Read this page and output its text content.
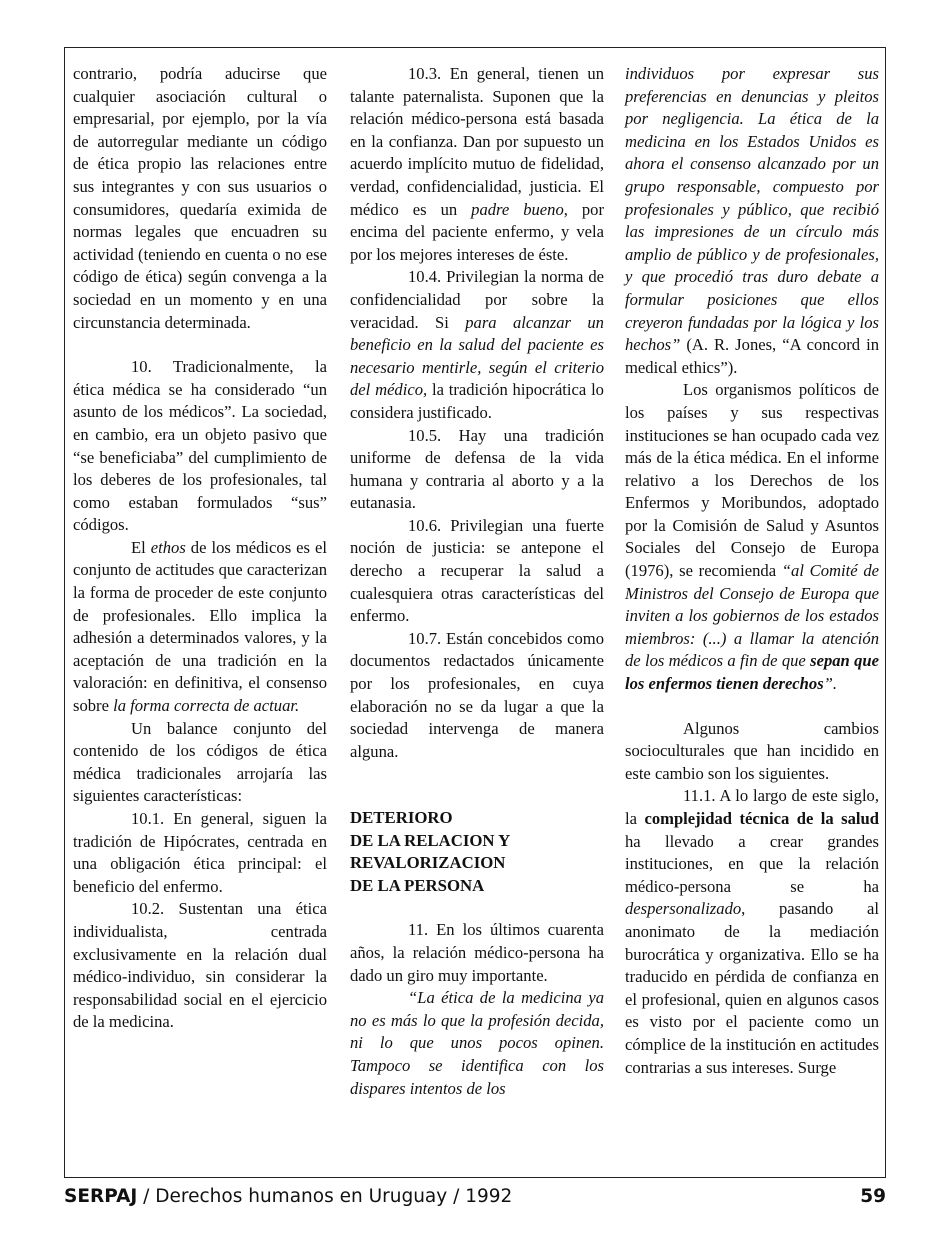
contrario, podría aducirse que cualquier asociación cultural o empresarial, por ejemplo, por la vía de autorregular mediante un código de ética propio las relaciones entre sus integrantes y con sus usuarios o consumidores, quedaría eximida de normas legales que encuadren su actividad (teniendo en cuenta o no ese código de ética) según convenga a la sociedad en un momento y en una circunstancia determinada.

10. Tradicionalmente, la ética médica se ha considerado “un asunto de los médicos”. La sociedad, en cambio, era un objeto pasivo que “se beneficiaba” del cumplimiento de los deberes de los profesionales, tal como estaban formulados “sus” códigos.

El ethos de los médicos es el conjunto de actitudes que caracterizan la forma de proceder de este conjunto de profesionales. Ello implica la adhesión a determinados valores, y la aceptación de una tradición en la valoración: en definitiva, el consenso sobre la forma correcta de actuar.

Un balance conjunto del contenido de los códigos de ética médica tradicionales arrojaría las siguientes características:

10.1. En general, siguen la tradición de Hipócrates, centrada en una obligación ética principal: el beneficio del enfermo.

10.2. Sustentan una ética individualista, centrada exclusivamente en la relación dual médico-individuo, sin considerar la responsabilidad social en el ejercicio de la medicina.

10.3. En general, tienen un talante paternalista. Suponen que la relación médico-persona está basada en la confianza. Dan por supuesto un acuerdo implícito mutuo de fidelidad, verdad, confidencialidad, justicia. El médico es un padre bueno, por encima del paciente enfermo, y vela por los mejores intereses de éste.

10.4. Privilegian la norma de confidencialidad por sobre la veracidad. Si para alcanzar un beneficio en la salud del paciente es necesario mentirle, según el criterio del médico, la tradición hipocrática lo considera justificado.

10.5. Hay una tradición uniforme de defensa de la vida humana y contraria al aborto y a la eutanasia.

10.6. Privilegian una fuerte noción de justicia: se antepone el derecho a recuperar la salud a cualesquiera otras características del enfermo.

10.7. Están concebidos como documentos redactados únicamente por los profesionales, en cuya elaboración no se da lugar a que la sociedad intervenga de manera alguna.

DETERIORO
DE LA RELACION Y
REVALORIZACION
DE LA PERSONA

11. En los últimos cuarenta años, la relación médico-persona ha dado un giro muy importante.

“La ética de la medicina ya no es más lo que la profesión decida, ni lo que unos pocos opinen. Tampoco se identifica con los dispares intentos de los

individuos por expresar sus preferencias en denuncias y pleitos por negligencia. La ética de la medicina en los Estados Unidos es ahora el consenso alcanzado por un grupo responsable, compuesto por profesionales y público, que recibió las impresiones de un círculo más amplio de público y de profesionales, y que procedió tras duro debate a formular posiciones que ellos creyeron fundadas por la lógica y los hechos” (A. R. Jones, “A concord in medical ethics”).

Los organismos políticos de los países y sus respectivas instituciones se han ocupado cada vez más de la ética médica. En el informe relativo a los Derechos de los Enfermos y Moribundos, adoptado por la Comisión de Salud y Asuntos Sociales del Consejo de Europa (1976), se recomienda “al Comité de Ministros del Consejo de Europa que inviten a los gobiernos de los estados miembros: (...) a llamar la atención de los médicos a fin de que sepan que los enfermos tienen derechos”.

Algunos cambios socioculturales que han incidido en este cambio son los siguientes.

11.1. A lo largo de este siglo, la complejidad técnica de la salud ha llevado a crear grandes instituciones, en que la relación médico-persona se ha despersonalizado, pasando al anonimato de la mediación burocrática y organizativa. Ello se ha traducido en pérdida de confianza en el profesional, quien en algunos casos es visto por el paciente como un cómplice de la institución en actitudes contrarias a sus intereses. Surge

SERPAJ / Derechos humanos en Uruguay / 1992	59
